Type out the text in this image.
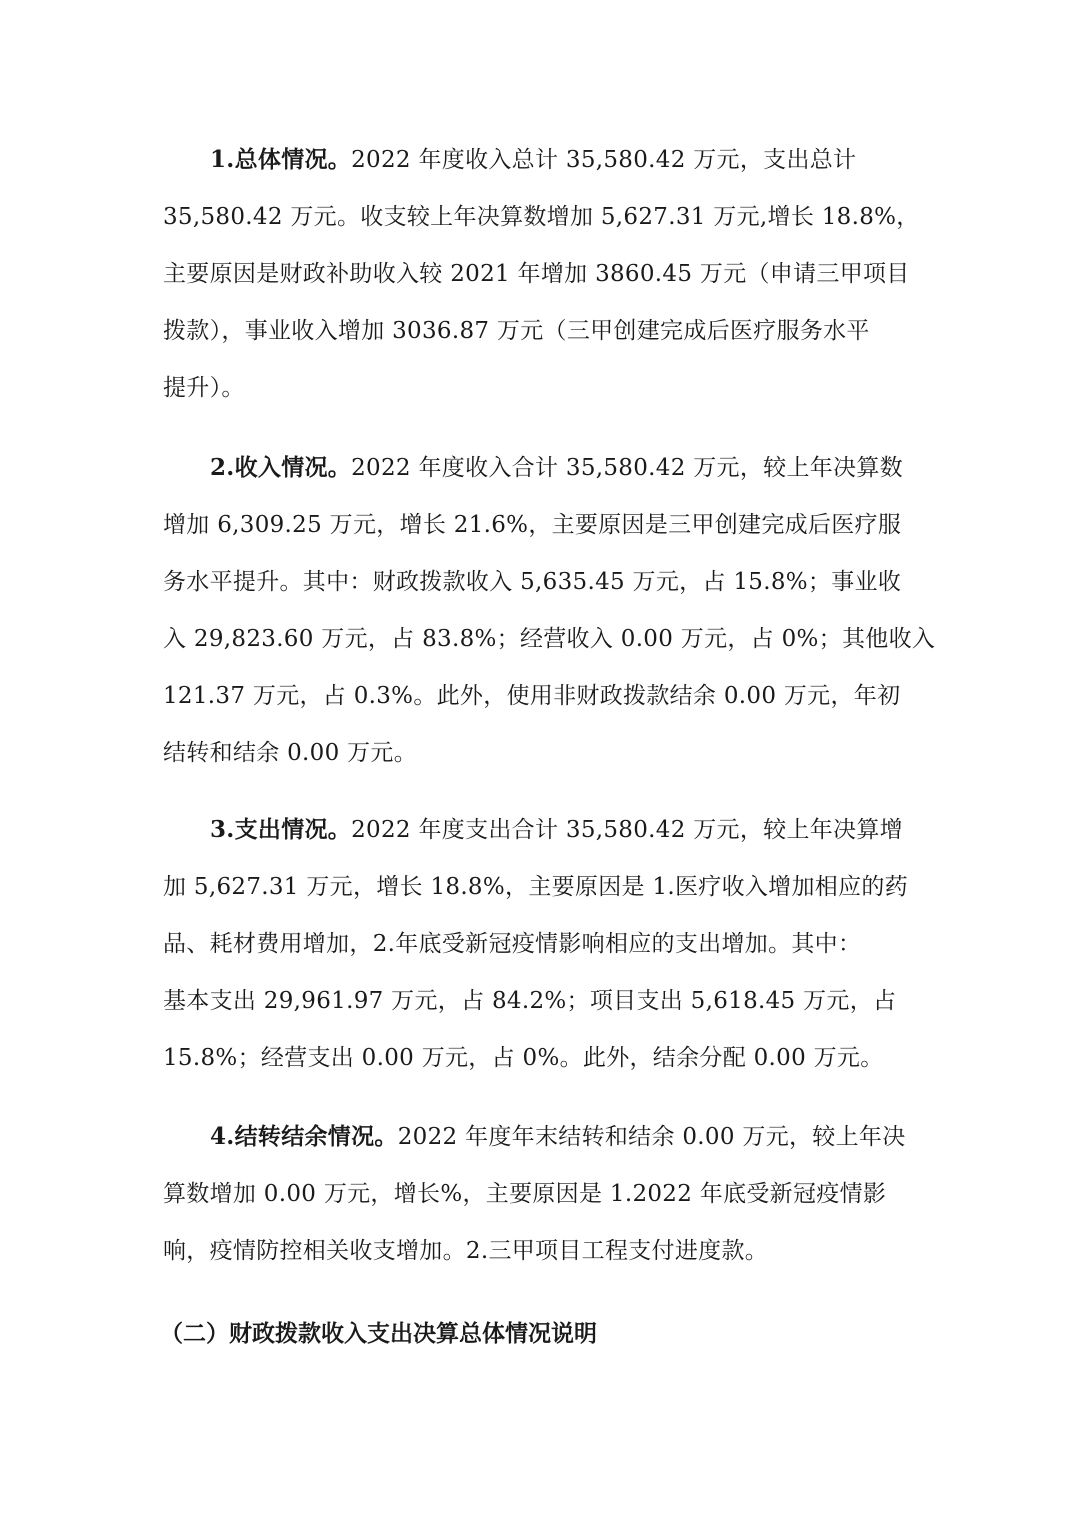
1.总体情况。2022 年度收入总计 35,580.42 万元，支出总计
35,580.42 万元。收支较上年决算数增加 5,627.31 万元,增长 18.8%，
主要原因是财政补助收入较 2021 年增加 3860.45 万元（申请三甲项目
拨款），事业收入增加 3036.87 万元（三甲创建完成后医疗服务水平
提升）。
2.收入情况。2022 年度收入合计 35,580.42 万元，较上年决算数
增加 6,309.25 万元，增长 21.6%，主要原因是三甲创建完成后医疗服
务水平提升。其中：财政拨款收入 5,635.45 万元，占 15.8%；事业收
入 29,823.60 万元，占 83.8%；经营收入 0.00 万元，占 0%；其他收入
121.37 万元，占 0.3%。此外，使用非财政拨款结余 0.00 万元，年初
结转和结余 0.00 万元。
3.支出情况。2022 年度支出合计 35,580.42 万元，较上年决算增
加 5,627.31 万元，增长 18.8%，主要原因是 1.医疗收入增加相应的药
品、耗材费用增加，2.年底受新冠疫情影响相应的支出增加。其中：
基本支出 29,961.97 万元，占 84.2%；项目支出 5,618.45 万元，占
15.8%；经营支出 0.00 万元，占 0%。此外，结余分配 0.00 万元。
4.结转结余情况。2022 年度年末结转和结余 0.00 万元，较上年决
算数增加 0.00 万元，增长%，主要原因是 1.2022 年底受新冠疫情影
响，疫情防控相关收支增加。2.三甲项目工程支付进度款。
（二）财政拨款收入支出决算总体情况说明
